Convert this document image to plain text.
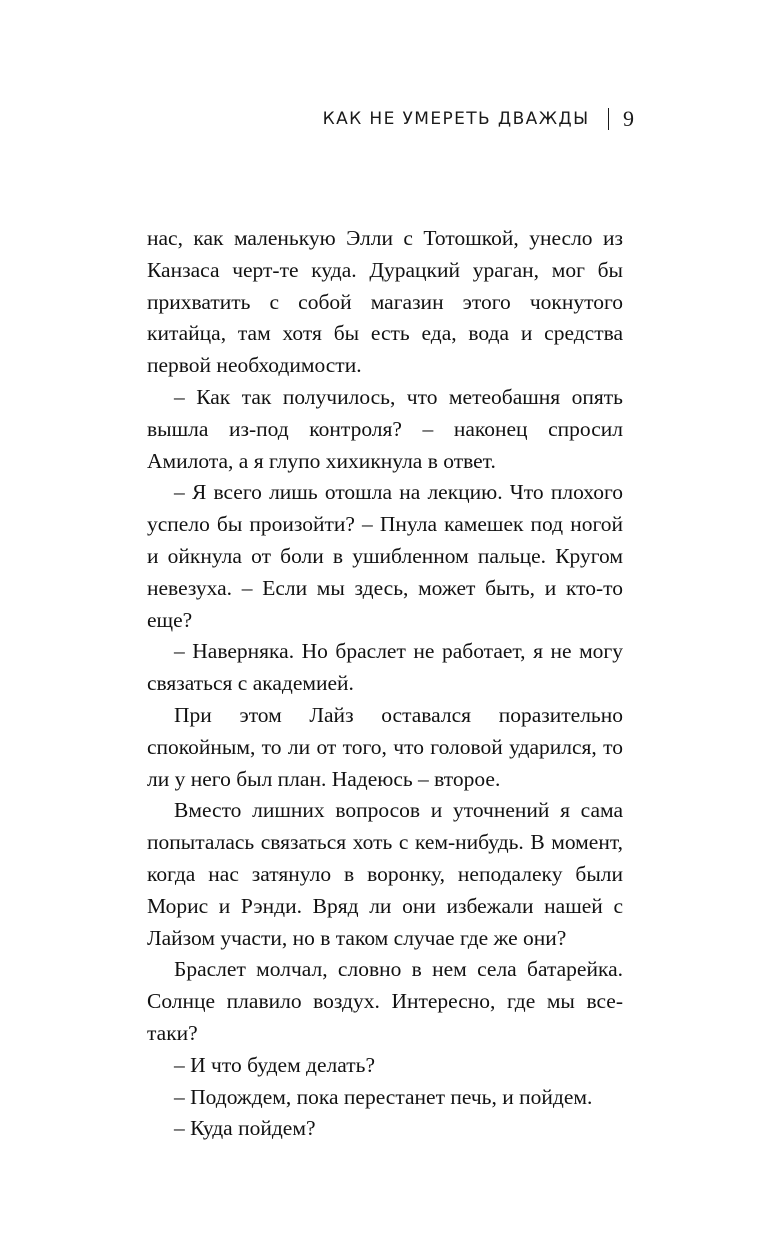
КАК НЕ УМЕРЕТЬ ДВАЖДЫ 9

нас, как маленькую Элли с Тотошкой, унесло из Канзаса черт-те куда. Дурацкий ураган, мог бы прихватить с собой магазин этого чокнутого китайца, там хотя бы есть еда, вода и средства первой необходимости.

– Как так получилось, что метеобашня опять вышла из-под контроля? – наконец спросил Амилота, а я глупо хихикнула в ответ.

– Я всего лишь отошла на лекцию. Что плохого успело бы произойти? – Пнула камешек под ногой и ойкнула от боли в ушибленном пальце. Кругом невезуха. – Если мы здесь, может быть, и кто-то еще?

– Наверняка. Но браслет не работает, я не могу связаться с академией.

При этом Лайз оставался поразительно спокойным, то ли от того, что головой ударился, то ли у него был план. Надеюсь – второе.

Вместо лишних вопросов и уточнений я сама попыталась связаться хоть с кем-нибудь. В момент, когда нас затянуло в воронку, неподалеку были Морис и Рэнди. Вряд ли они избежали нашей с Лайзом участи, но в таком случае где же они?

Браслет молчал, словно в нем села батарейка. Солнце плавило воздух. Интересно, где мы все-таки?

– И что будем делать?

– Подождем, пока перестанет печь, и пойдем.

– Куда пойдем?
